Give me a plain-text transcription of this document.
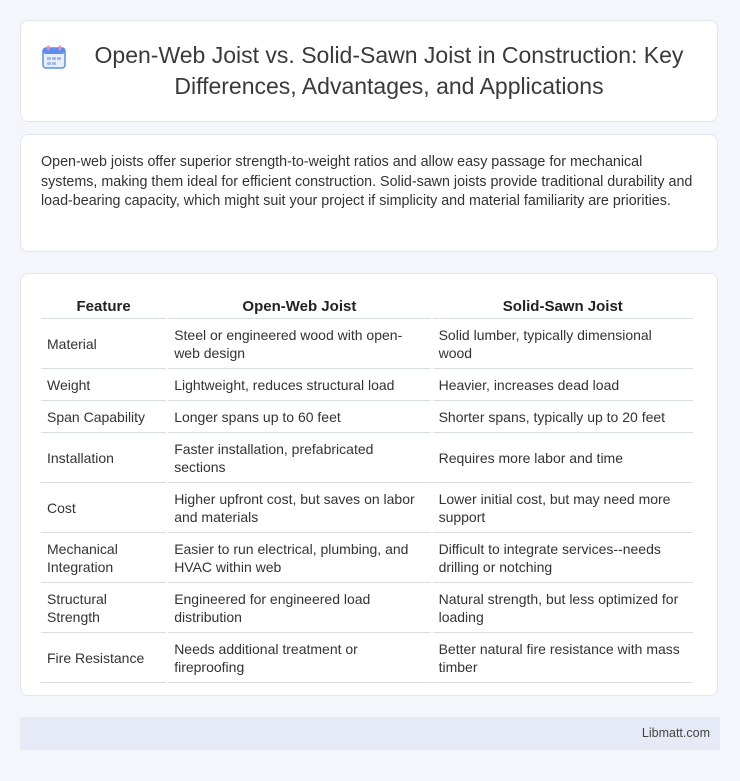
Open-Web Joist vs. Solid-Sawn Joist in Construction: Key Differences, Advantages, and Applications

Open-web joists offer superior strength-to-weight ratios and allow easy passage for mechanical systems, making them ideal for efficient construction. Solid-sawn joists provide traditional durability and load-bearing capacity, which might suit your project if simplicity and material familiarity are priorities.

Feature	Open-Web Joist	Solid-Sawn Joist
Material	Steel or engineered wood with open-web design	Solid lumber, typically dimensional wood
Weight	Lightweight, reduces structural load	Heavier, increases dead load
Span Capability	Longer spans up to 60 feet	Shorter spans, typically up to 20 feet
Installation	Faster installation, prefabricated sections	Requires more labor and time
Cost	Higher upfront cost, but saves on labor and materials	Lower initial cost, but may need more support
Mechanical Integration	Easier to run electrical, plumbing, and HVAC within web	Difficult to integrate services--needs drilling or notching
Structural Strength	Engineered for engineered load distribution	Natural strength, but less optimized for loading
Fire Resistance	Needs additional treatment or fireproofing	Better natural fire resistance with mass timber
Libmatt.com
